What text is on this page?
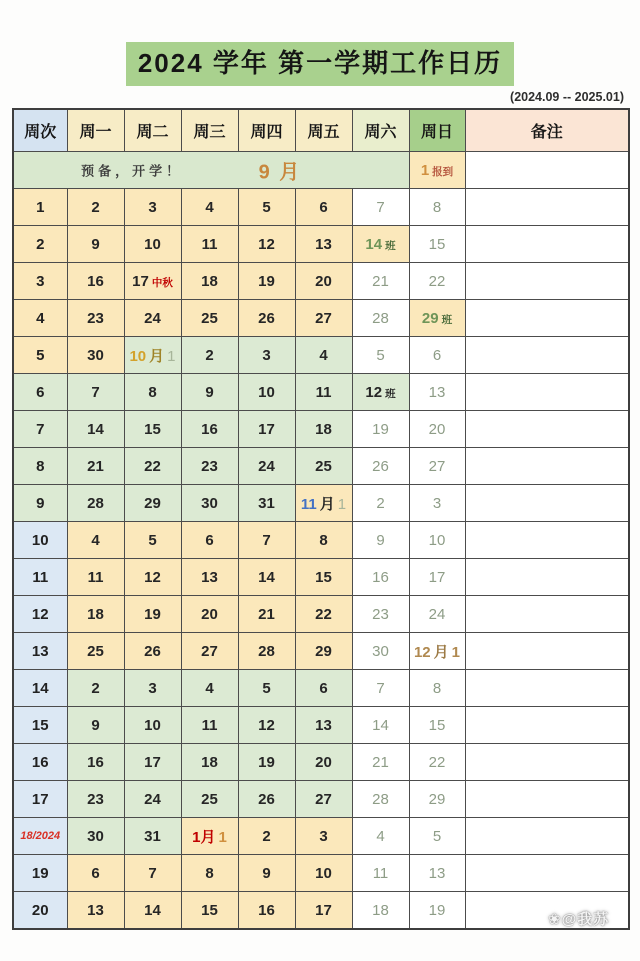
2024 学年 第一学期工作日历
(2024.09 -- 2025.01)
周次	周一	周二	周三	周四	周五	周六	周日	备注

预备，开学！ 9 月							1 报到	
1	2	3	4	5	6	7	8	
2	9	10	11	12	13	14 班	15	
3	16	17 中秋	18	19	20	21	22	
4	23	24	25	26	27	28	29 班	
5	30	10 月 1	2	3	4	5	6	
6	7	8	9	10	11	12 班	13	
7	14	15	16	17	18	19	20	
8	21	22	23	24	25	26	27	
9	28	29	30	31	11 月 1	2	3	
10	4	5	6	7	8	9	10	
11	11	12	13	14	15	16	17	
12	18	19	20	21	22	23	24	
13	25	26	27	28	29	30	12 月 1	
14	2	3	4	5	6	7	8	
15	9	10	11	12	13	14	15	
16	16	17	18	19	20	21	22	
17	23	24	25	26	27	28	29	
18/2024	30	31	1月 1	2	3	4	5	
19	6	7	8	9	10	11	13	
20	13	14	15	16	17	18	19	
❀@我苏
